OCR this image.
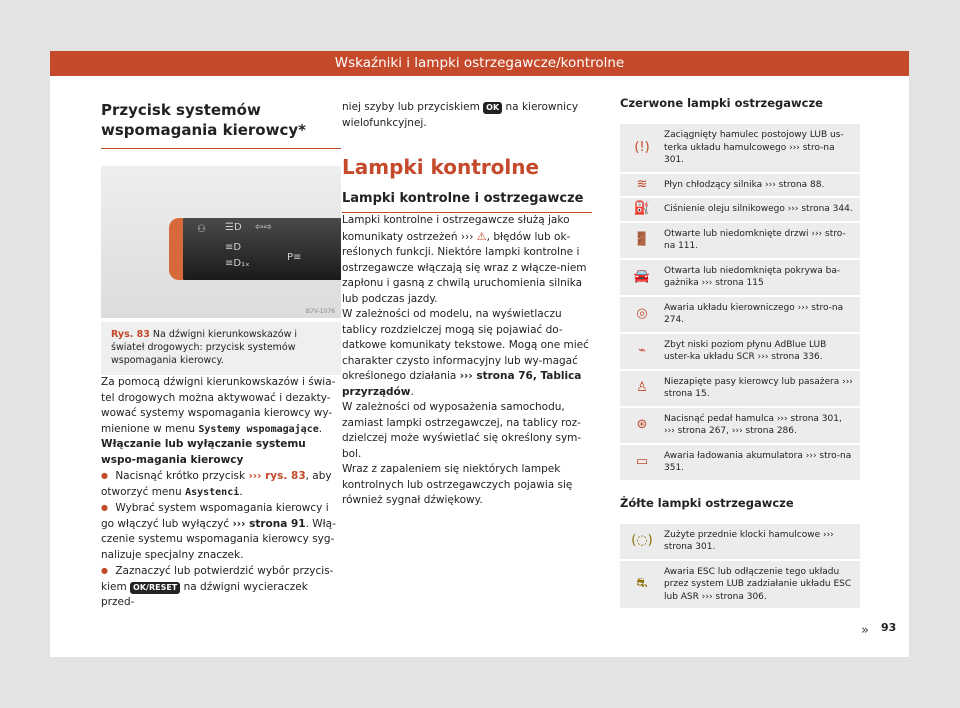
Wskaźniki i lampki ostrzegawcze/kontrolne
Przycisk systemów wspomagania kierowcy*
⚇ ☰D ⇦⇨
≡D
≡D₁ₓ
P≡
B7V-1076
Rys. 83 Na dźwigni kierunkowskazów i świateł drogowych: przycisk systemów wspomagania kierowcy.

Za pomocą dźwigni kierunkowskazów i świa-tel drogowych można aktywować i dezakty-wować systemy wspomagania kierowcy wy-mienione w menu Systemy wspomagające.

Włączanie lub wyłączanie systemu wspo-magania kierowcy

● Nacisnąć krótko przycisk ››› rys. 83, aby otworzyć menu Asystenci.

● Wybrać system wspomagania kierowcy i go włączyć lub wyłączyć ››› strona 91. Włą-czenie systemu wspomagania kierowcy syg-nalizuje specjalny znaczek.

● Zaznaczyć lub potwierdzić wybór przycis-kiem OK/RESET na dźwigni wycieraczek przed-

niej szyby lub przyciskiem OK na kierownicy wielofunkcyjnej.

Lampki kontrolne
Lampki kontrolne i ostrzegawcze

Lampki kontrolne i ostrzegawcze służą jako komunikaty ostrzeżeń ››› ⚠, błędów lub ok-reślonych funkcji. Niektóre lampki kontrolne i ostrzegawcze włączają się wraz z włącze-niem zapłonu i gasną z chwilą uruchomienia silnika lub podczas jazdy.

W zależności od modelu, na wyświetlaczu tablicy rozdzielczej mogą się pojawiać do-datkowe komunikaty tekstowe. Mogą one mieć charakter czysto informacyjny lub wy-magać określonego działania ››› strona 76, Tablica przyrządów.

W zależności od wyposażenia samochodu, zamiast lampki ostrzegawczej, na tablicy roz-dzielczej może wyświetlać się określony sym-bol.

Wraz z zapaleniem się niektórych lampek kontrolnych lub ostrzegawczych pojawia się również sygnał dźwiękowy.

Czerwone lampki ostrzegawcze

(!)	Zaciągnięty hamulec postojowy LUB us-terka układu hamulcowego ››› stro-na 301.
≋	Płyn chłodzący silnika ››› strona 88.
⛽	Ciśnienie oleju silnikowego ››› strona 344.
🚪	Otwarte lub niedomknięte drzwi ››› stro-na 111.
🚘	Otwarta lub niedomknięta pokrywa ba-gażnika ››› strona 115
◎	Awaria układu kierowniczego ››› stro-na 274.
⌁	Zbyt niski poziom płynu AdBlue LUB uster-ka układu SCR ››› strona 336.
♙	Niezapięte pasy kierowcy lub pasażera ››› strona 15.
⊛	Nacisnąć pedał hamulca ››› strona 301, ››› strona 267, ››› strona 286.
▭	Awaria ładowania akumulatora ››› stro-na 351.

Żółte lampki ostrzegawcze

(◌)	Zużyte przednie klocki hamulcowe ››› strona 301.
⛐	Awaria ESC lub odłączenie tego układu przez system LUB zadziałanie układu ESC lub ASR ››› strona 306.
» 93
